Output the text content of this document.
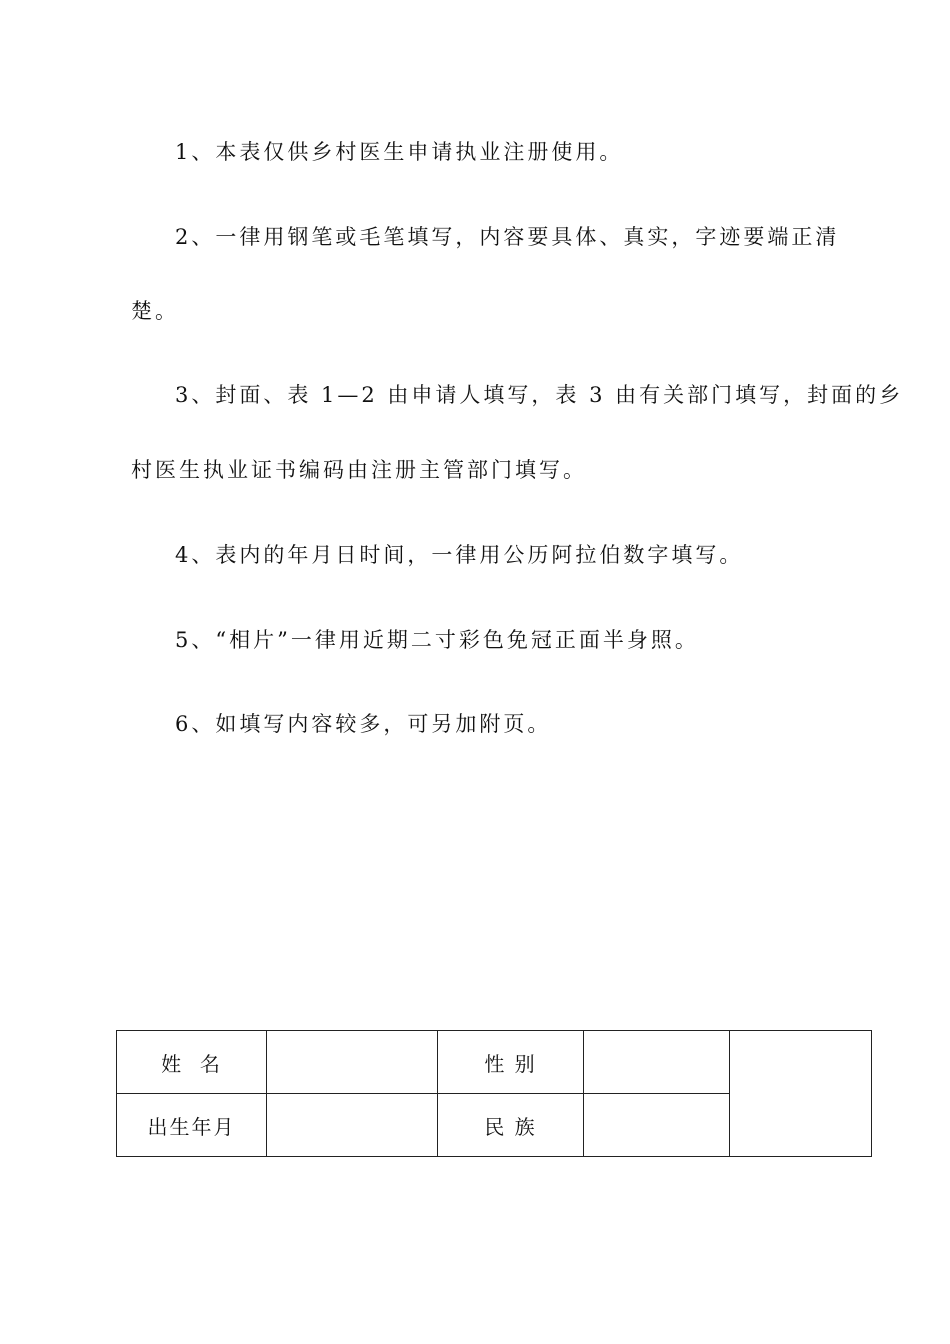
1、本表仅供乡村医生申请执业注册使用。
2、一律用钢笔或毛笔填写，内容要具体、真实，字迹要端正清
楚。
3、封面、表 1—2 由申请人填写，表 3 由有关部门填写，封面的乡
村医生执业证书编码由注册主管部门填写。
4、表内的年月日时间，一律用公历阿拉伯数字填写。
5、“相片”一律用近期二寸彩色免冠正面半身照。
6、如填写内容较多，可另加附页。
姓  名		性 别		
出生年月		民 族		
